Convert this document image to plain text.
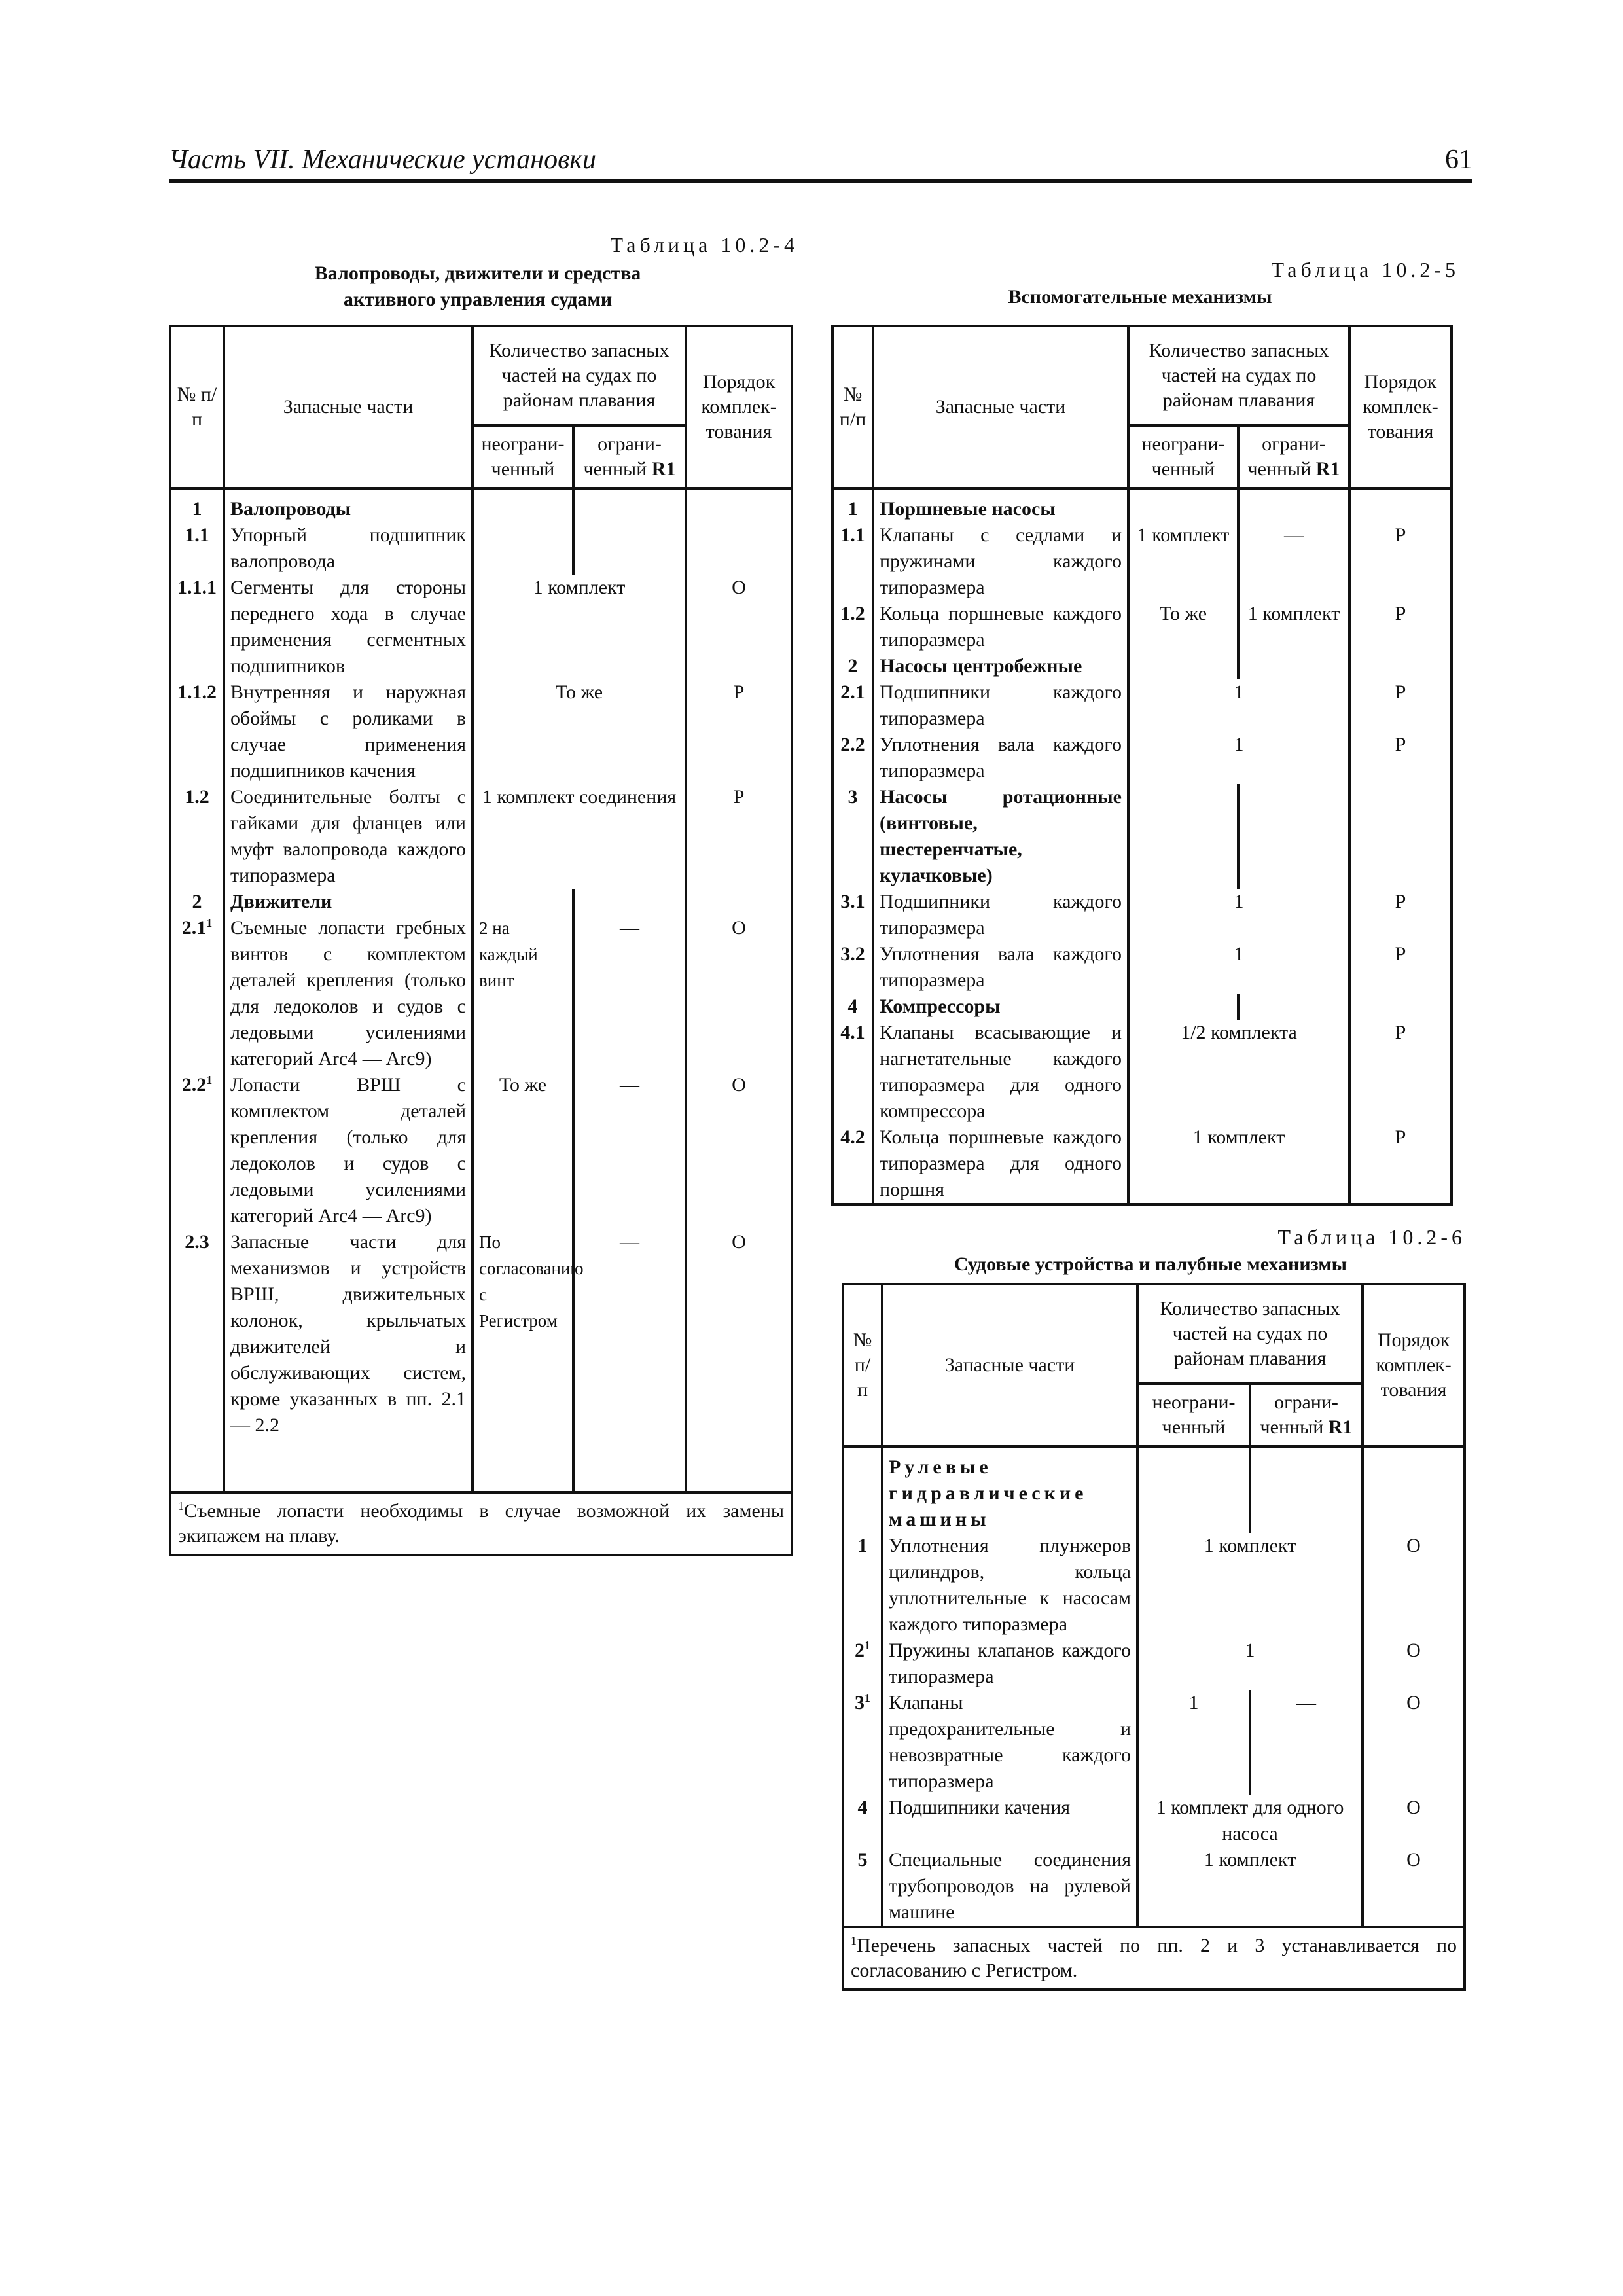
Часть VII. Механические установки	61
Таблица 10.2-4
Валопроводы, движители и средства
активного управления судами
№ п/п	Запасные части	Количество запасных частей на судах по районам плавания		Порядок комплек-тования
		неограни-ченный	ограни-ченный R1	
1	Валопроводы			
1.1	Упорный подшипник валопровода			
1.1.1	Сегменты для стороны переднего хода в случае применения сегментных подшипников	1 комплект		О
1.1.2	Внутренняя и наружная обоймы с роликами в случае применения подшипников качения	То же		Р
1.2	Соединительные болты с гайками для фланцев или муфт валопровода каждого типоразмера	1 комплект соединения		Р
2	Движители			
$2.1^1$	Съемные лопасти гребных винтов с комплектом деталей крепления (только для ледоколов и судов с ледовыми усилениями категорий Arc4 — Arc9)	2 на каждый винт	—	О
$2.2^1$	Лопасти ВРШ с комплектом деталей крепления (только для ледоколов и судов с ледовыми усилениями категорий Arc4 — Arc9)	То же	—	О
2.3	Запасные части для механизмов и устройств ВРШ, движительных колонок, крыльчатых движителей и обслуживающих систем, кроме указанных в пп. 2.1 — 2.2	По согласованию с Регистром	—	О
$^1$Съемные лопасти необходимы в случае возможной их замены экипажем на плаву.				
Таблица 10.2-5
Вспомогательные механизмы
№ п/п	Запасные части	Количество запасных частей на судах по районам плавания		Порядок комплек-тования
		неограни-ченный	ограни-ченный R1	
1	Поршневые насосы			
1.1	Клапаны с седлами и пружинами каждого типоразмера	1 комплект	—	Р
1.2	Кольца поршневые каждого типоразмера	То же	1 комплект	Р
2	Насосы центробежные			
2.1	Подшипники каждого типоразмера	1		Р
2.2	Уплотнения вала каждого типоразмера	1		Р
3	Насосы ротационные (винтовые, шестеренчатые, кулачковые)			
3.1	Подшипники каждого типоразмера	1		Р
3.2	Уплотнения вала каждого типоразмера	1		Р
4	Компрессоры			
4.1	Клапаны всасывающие и нагнетательные каждого типоразмера для одного компрессора	1/2 комплекта		Р
4.2	Кольца поршневые каждого типоразмера для одного поршня	1 комплект		Р
Таблица 10.2-6
Судовые устройства и палубные механизмы
№ п/п	Запасные части	Количество запасных частей на судах по районам плавания		Порядок комплек-тования
		неограни-ченный	ограни-ченный R1	
	Рулевые гидравлические машины			
1	Уплотнения плунжеров цилиндров, кольца уплотнительные к насосам каждого типоразмера	1 комплект		О
$2^1$	Пружины клапанов каждого типоразмера	1		О
$3^1$	Клапаны предохранительные и невозвратные каждого типоразмера	1	—	О
4	Подшипники качения	1 комплект для одного насоса		О
5	Специальные соединения трубопроводов на рулевой машине	1 комплект		О
$^1$Перечень запасных частей по пп. 2 и 3 устанавливается по согласованию с Регистром.				
